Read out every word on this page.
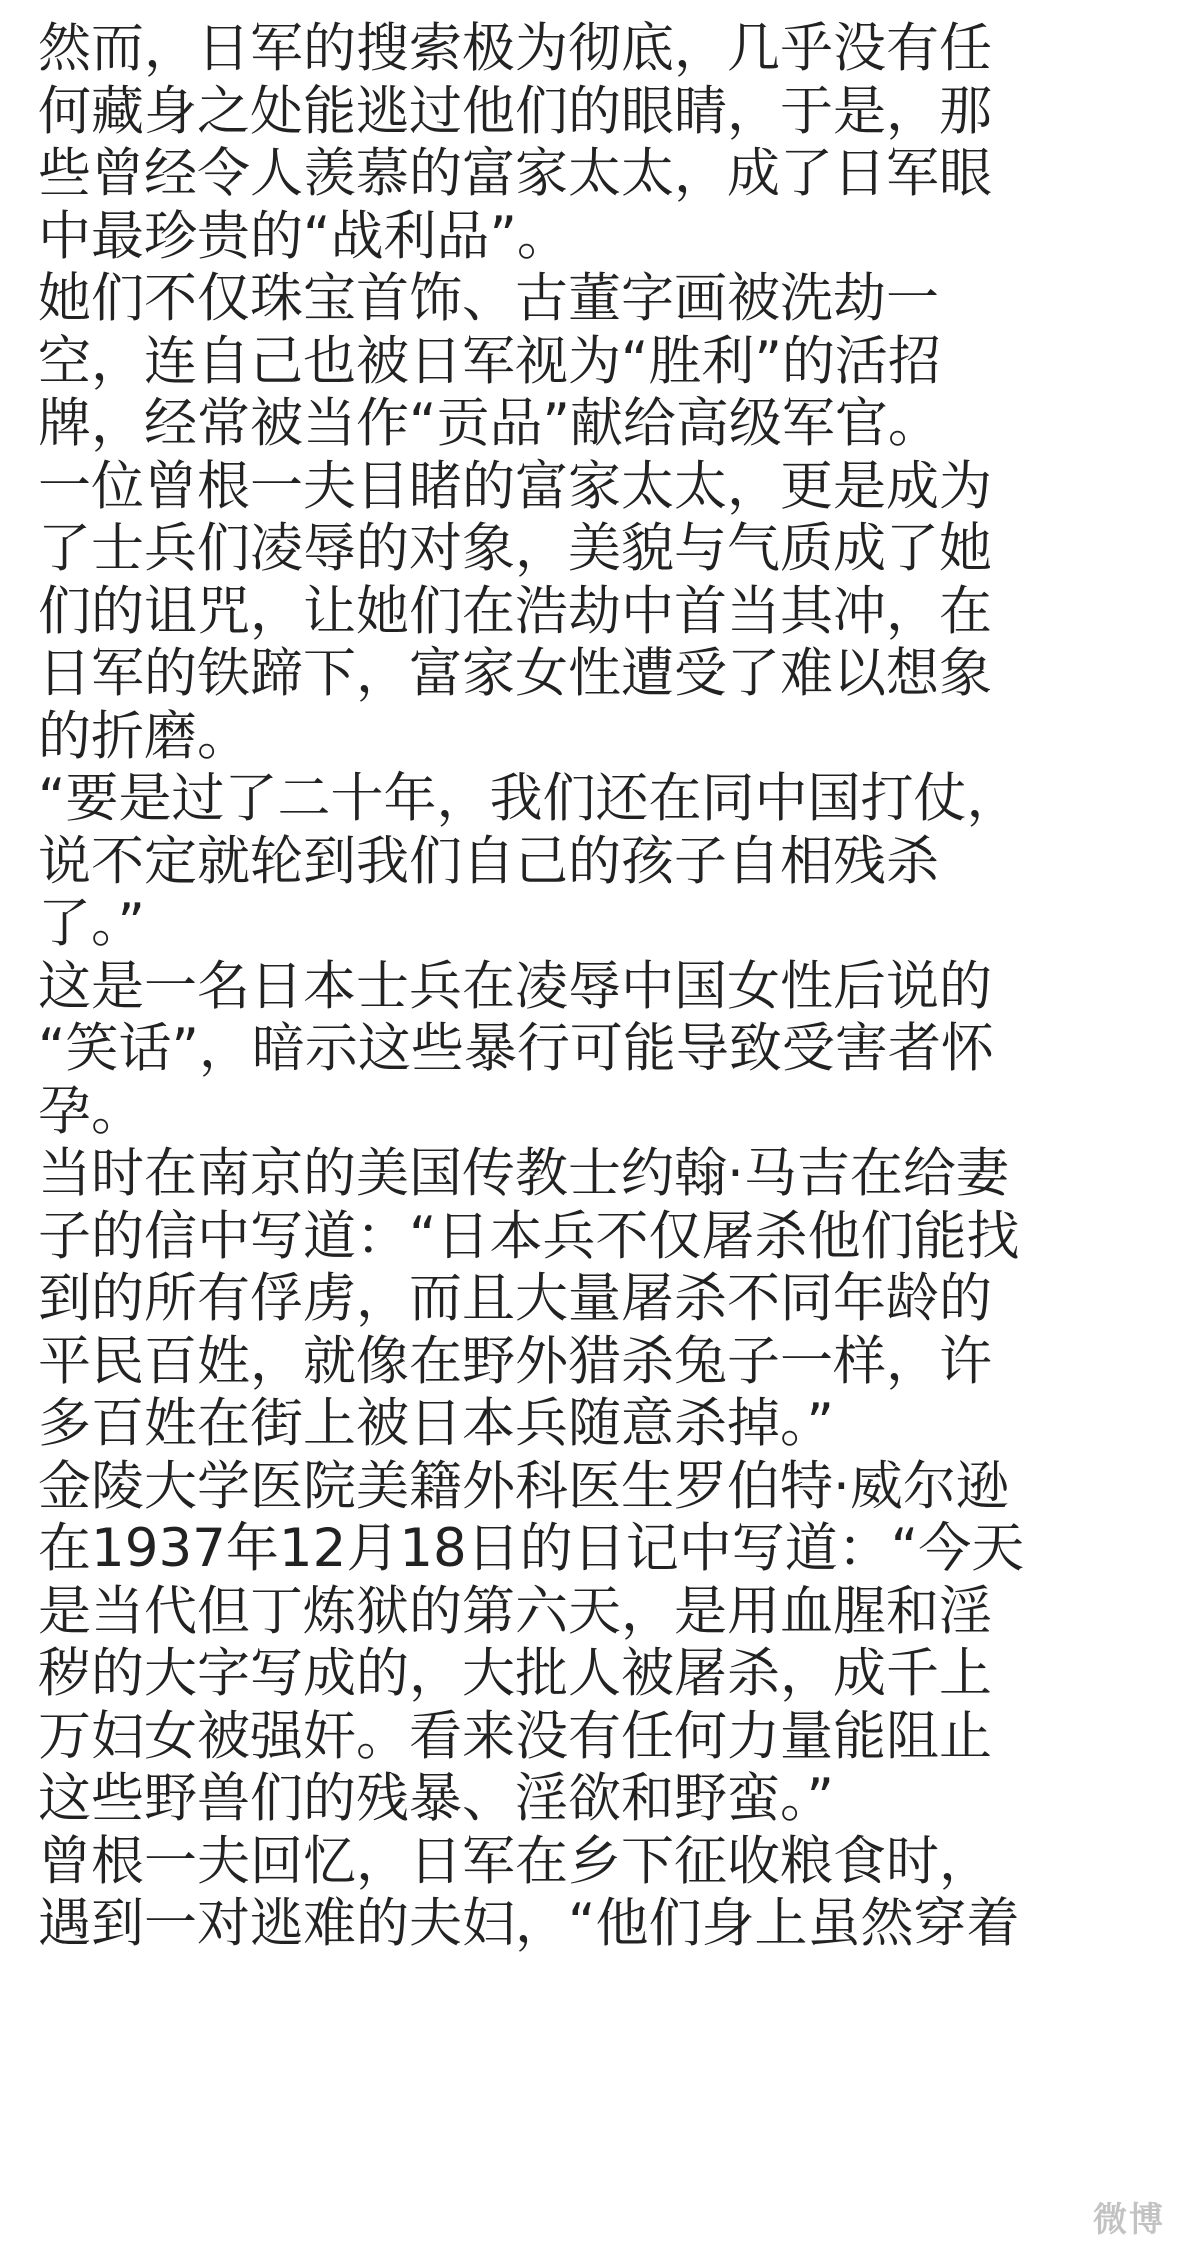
然而，日军的搜索极为彻底，几乎没有任
何藏身之处能逃过他们的眼睛，于是，那
些曾经令人羡慕的富家太太，成了日军眼
中最珍贵的“战利品”。
她们不仅珠宝首饰、古董字画被洗劫一
空，连自己也被日军视为“胜利”的活招
牌，经常被当作“贡品”献给高级军官。
一位曾根一夫目睹的富家太太，更是成为
了士兵们凌辱的对象，美貌与气质成了她
们的诅咒，让她们在浩劫中首当其冲，在
日军的铁蹄下，富家女性遭受了难以想象
的折磨。
“要是过了二十年，我们还在同中国打仗，
说不定就轮到我们自己的孩子自相残杀
了。”
这是一名日本士兵在凌辱中国女性后说的
“笑话”，暗示这些暴行可能导致受害者怀
孕。
当时在南京的美国传教士约翰·马吉在给妻
子的信中写道：“日本兵不仅屠杀他们能找
到的所有俘虏，而且大量屠杀不同年龄的
平民百姓，就像在野外猎杀兔子一样，许
多百姓在街上被日本兵随意杀掉。”
金陵大学医院美籍外科医生罗伯特·威尔逊
在1937年12月18日的日记中写道：“今天
是当代但丁炼狱的第六天，是用血腥和淫
秽的大字写成的，大批人被屠杀，成千上
万妇女被强奸。看来没有任何力量能阻止
这些野兽们的残暴、淫欲和野蛮。”
曾根一夫回忆，日军在乡下征收粮食时，
遇到一对逃难的夫妇，“他们身上虽然穿着
微博
